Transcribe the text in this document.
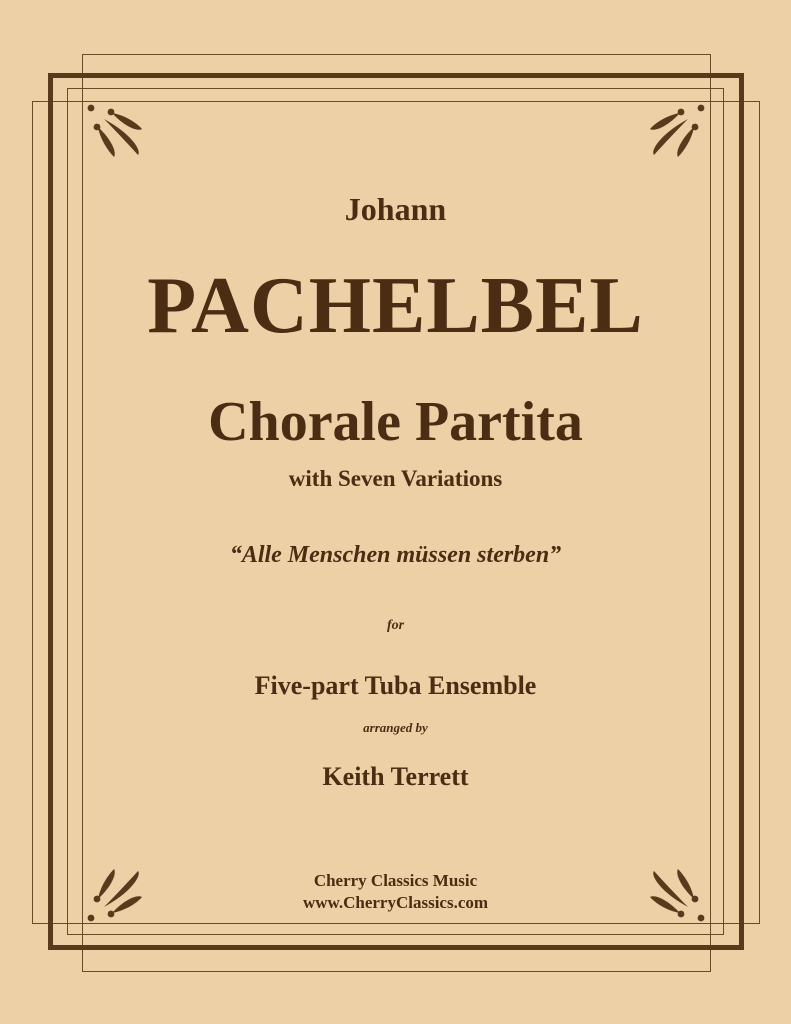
Johann
PACHELBEL
Chorale Partita
with Seven Variations
“Alle Menschen müssen sterben”
for
Five-part Tuba Ensemble
arranged by
Keith Terrett
Cherry Classics Music
www.CherryClassics.com
